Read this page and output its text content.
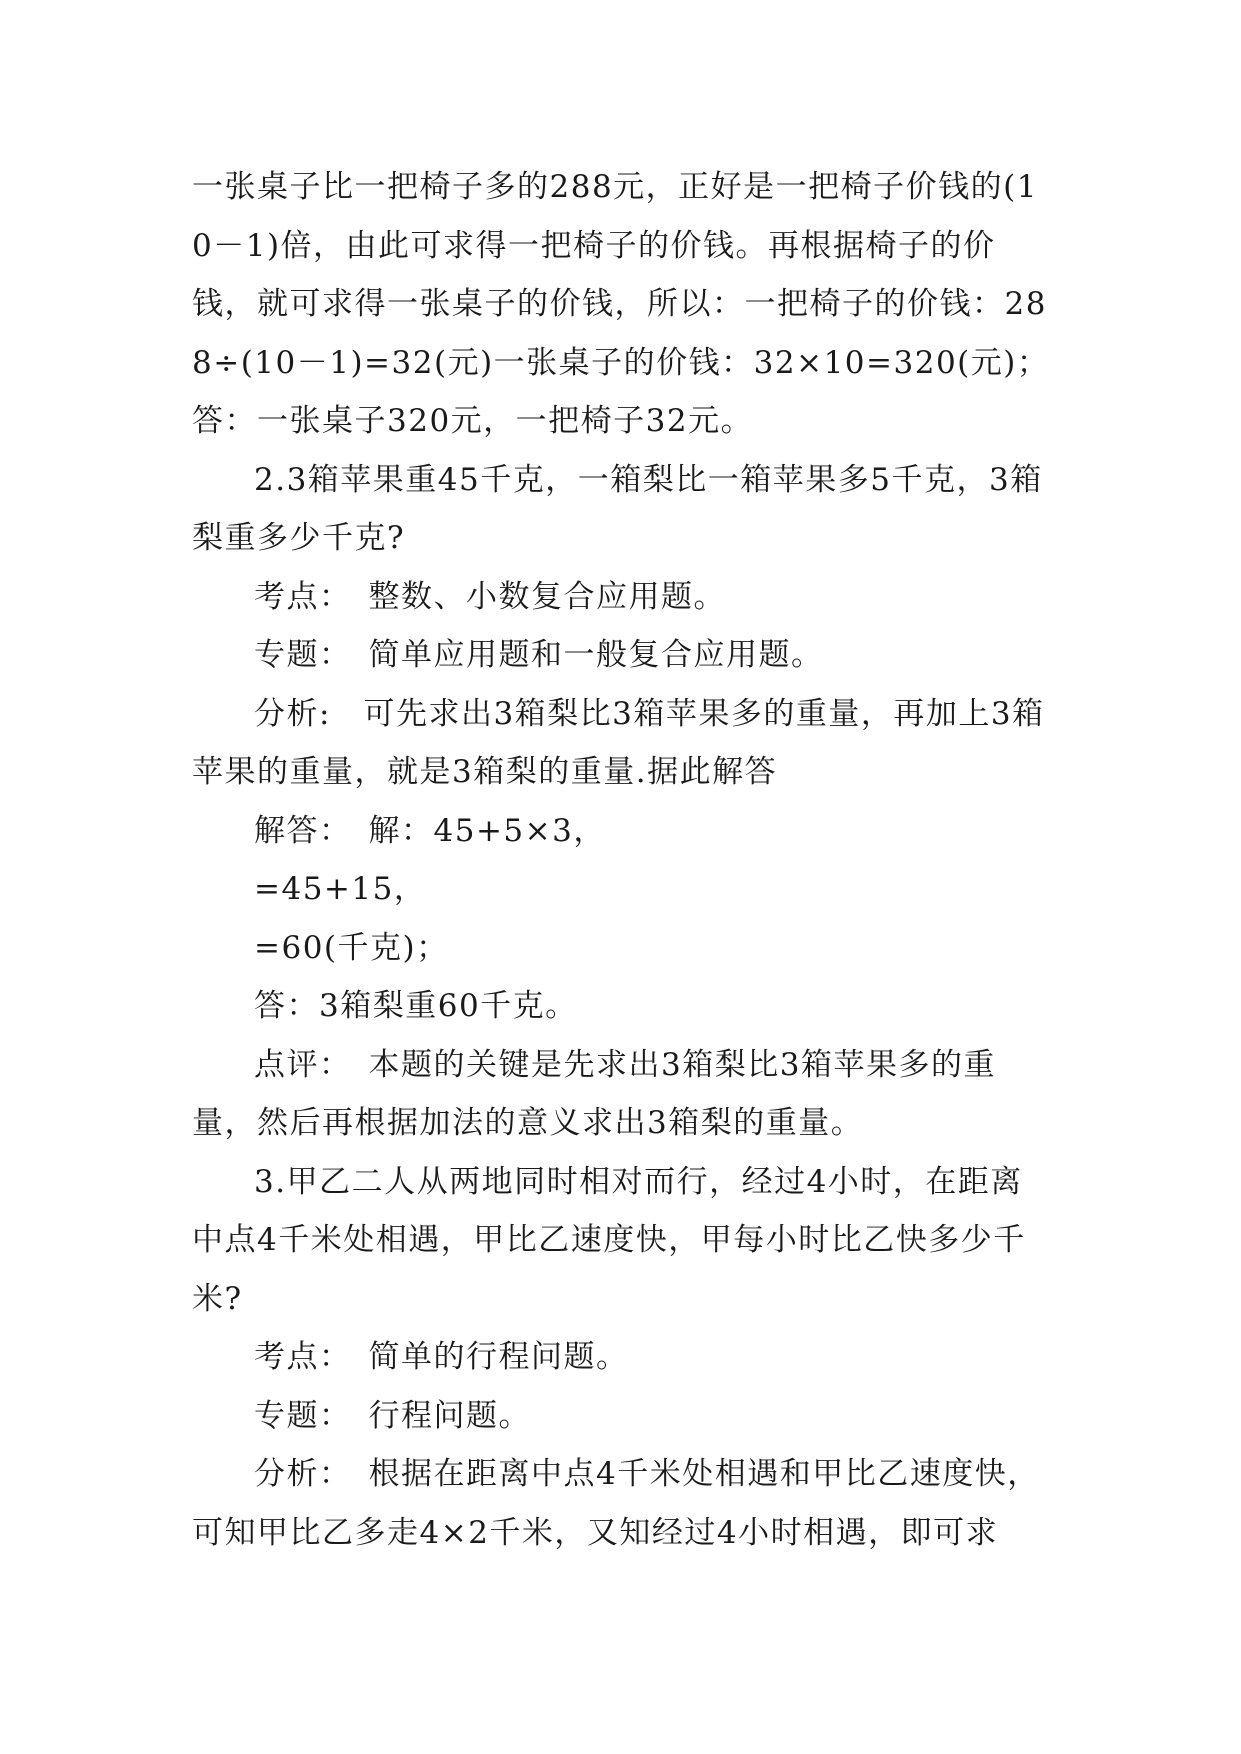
一张桌子比一把椅子多的288元，正好是一把椅子价钱的(10－1)倍，由此可求得一把椅子的价钱。再根据椅子的价钱，就可求得一张桌子的价钱，所以：一把椅子的价钱：288÷(10－1)=32(元)一张桌子的价钱：32×10=320(元)；答：一张桌子320元，一把椅子32元。

2.3箱苹果重45千克，一箱梨比一箱苹果多5千克，3箱梨重多少千克?

考点：　整数、小数复合应用题。

专题：　简单应用题和一般复合应用题。

分析:　可先求出3箱梨比3箱苹果多的重量，再加上3箱苹果的重量，就是3箱梨的重量.据此解答

解答：　解：45+5×3，

=45+15，

=60(千克)；

答：3箱梨重60千克。

点评：　本题的关键是先求出3箱梨比3箱苹果多的重量，然后再根据加法的意义求出3箱梨的重量。

3.甲乙二人从两地同时相对而行，经过4小时，在距离中点4千米处相遇，甲比乙速度快，甲每小时比乙快多少千米?

考点：　简单的行程问题。

专题：　行程问题。

分析：　根据在距离中点4千米处相遇和甲比乙速度快，可知甲比乙多走4×2千米，又知经过4小时相遇，即可求
